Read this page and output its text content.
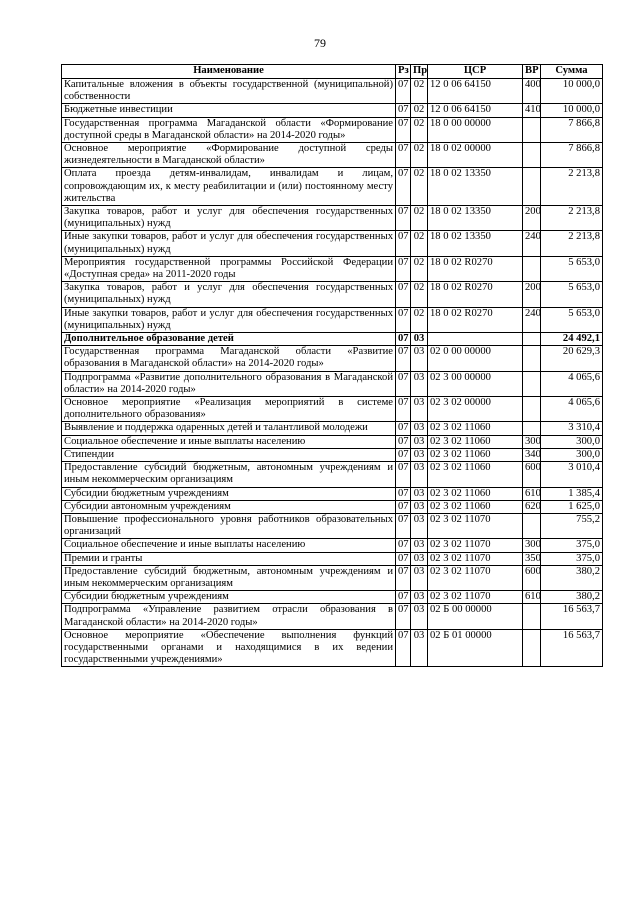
79
Наименование	Рз	Пр	ЦСР	ВР	Сумма
Капитальные вложения в объекты государственной (муниципальной) собственности	07	02	12 0 06 64150	400	10 000,0
Бюджетные инвестиции	07	02	12 0 06 64150	410	10 000,0
Государственная программа Магаданской области «Формирование доступной среды в Магаданской области» на 2014-2020 годы»	07	02	18 0 00 00000		7 866,8
Основное мероприятие «Формирование доступной среды жизнедеятельности в Магаданской области»	07	02	18 0 02 00000		7 866,8
Оплата проезда детям-инвалидам, инвалидам и лицам, сопровождающим их, к месту реабилитации и (или) постоянному месту жительства	07	02	18 0 02 13350		2 213,8
Закупка товаров, работ и услуг для обеспечения государственных (муниципальных) нужд	07	02	18 0 02 13350	200	2 213,8
Иные закупки товаров, работ и услуг для обеспечения государственных (муниципальных) нужд	07	02	18 0 02 13350	240	2 213,8
Мероприятия государственной программы Российской Федерации «Доступная среда» на 2011-2020 годы	07	02	18 0 02 R0270		5 653,0
Закупка товаров, работ и услуг для обеспечения государственных (муниципальных) нужд	07	02	18 0 02 R0270	200	5 653,0
Иные закупки товаров, работ и услуг для обеспечения государственных (муниципальных) нужд	07	02	18 0 02 R0270	240	5 653,0
Дополнительное образование детей	07	03			24 492,1
Государственная программа Магаданской области «Развитие образования в Магаданской области» на 2014-2020 годы»	07	03	02 0 00 00000		20 629,3
Подпрограмма «Развитие дополнительного образования в Магаданской области» на 2014-2020 годы»	07	03	02 3 00 00000		4 065,6
Основное мероприятие «Реализация мероприятий в системе дополнительного образования»	07	03	02 3 02 00000		4 065,6
Выявление и поддержка одаренных детей и талантливой молодежи	07	03	02 3 02 11060		3 310,4
Социальное обеспечение и иные выплаты населению	07	03	02 3 02 11060	300	300,0
Стипендии	07	03	02 3 02 11060	340	300,0
Предоставление субсидий бюджетным, автономным учреждениям и иным некоммерческим организациям	07	03	02 3 02 11060	600	3 010,4
Субсидии бюджетным учреждениям	07	03	02 3 02 11060	610	1 385,4
Субсидии автономным учреждениям	07	03	02 3 02 11060	620	1 625,0
Повышение профессионального уровня работников образовательных организаций	07	03	02 3 02 11070		755,2
Социальное обеспечение и иные выплаты населению	07	03	02 3 02 11070	300	375,0
Премии и гранты	07	03	02 3 02 11070	350	375,0
Предоставление субсидий бюджетным, автономным учреждениям и иным некоммерческим организациям	07	03	02 3 02 11070	600	380,2
Субсидии бюджетным учреждениям	07	03	02 3 02 11070	610	380,2
Подпрограмма «Управление развитием отрасли образования в Магаданской области» на 2014-2020 годы»	07	03	02 Б 00 00000		16 563,7
Основное мероприятие «Обеспечение выполнения функций государственными органами и находящимися в их ведении государственными учреждениями»	07	03	02 Б 01 00000		16 563,7
